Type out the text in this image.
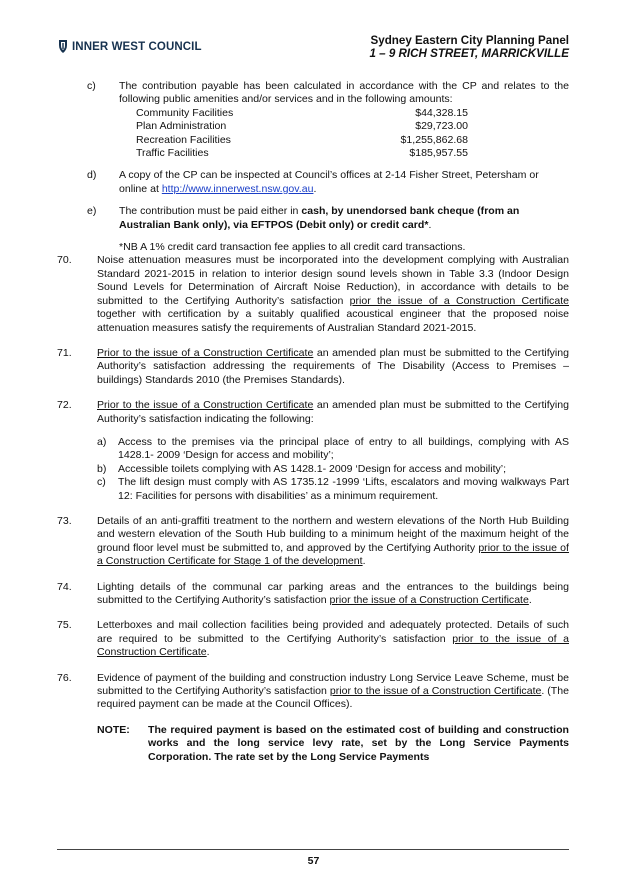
INNER WEST COUNCIL	Sydney Eastern City Planning Panel
1 – 9 RICH STREET, MARRICKVILLE
c) The contribution payable has been calculated in accordance with the CP and relates to the following public amenities and/or services and in the following amounts:

Community Facilities	$44,328.15
Plan Administration	$29,723.00
Recreation Facilities	$1,255,862.68
Traffic Facilities	$185,957.55
d) A copy of the CP can be inspected at Council’s offices at 2-14 Fisher Street, Petersham or online at http://www.innerwest.nsw.gov.au.

e) The contribution must be paid either in cash, by unendorsed bank cheque (from an Australian Bank only), via EFTPOS (Debit only) or credit card*.

*NB A 1% credit card transaction fee applies to all credit card transactions.

70. Noise attenuation measures must be incorporated into the development complying with Australian Standard 2021-2015 in relation to interior design sound levels shown in Table 3.3 (Indoor Design Sound Levels for Determination of Aircraft Noise Reduction), in accordance with details to be submitted to the Certifying Authority’s satisfaction prior the issue of a Construction Certificate together with certification by a suitably qualified acoustical engineer that the proposed noise attenuation measures satisfy the requirements of Australian Standard 2021-2015.

71. Prior to the issue of a Construction Certificate an amended plan must be submitted to the Certifying Authority’s satisfaction addressing the requirements of The Disability (Access to Premises – buildings) Standards 2010 (the Premises Standards).

72. Prior to the issue of a Construction Certificate an amended plan must be submitted to the Certifying Authority’s satisfaction indicating the following:

a) Access to the premises via the principal place of entry to all buildings, complying with AS 1428.1- 2009 ‘Design for access and mobility’;

b) Accessible toilets complying with AS 1428.1- 2009 ‘Design for access and mobility’;

c) The lift design must comply with AS 1735.12 -1999 ‘Lifts, escalators and moving walkways Part 12: Facilities for persons with disabilities’ as a minimum requirement.

73. Details of an anti-graffiti treatment to the northern and western elevations of the North Hub Building and western elevation of the South Hub building to a minimum height of the maximum height of the ground floor level must be submitted to, and approved by the Certifying Authority prior to the issue of a Construction Certificate for Stage 1 of the development.

74. Lighting details of the communal car parking areas and the entrances to the buildings being submitted to the Certifying Authority’s satisfaction prior the issue of a Construction Certificate.

75. Letterboxes and mail collection facilities being provided and adequately protected. Details of such are required to be submitted to the Certifying Authority’s satisfaction prior to the issue of a Construction Certificate.

76. Evidence of payment of the building and construction industry Long Service Leave Scheme, must be submitted to the Certifying Authority’s satisfaction prior to the issue of a Construction Certificate. (The required payment can be made at the Council Offices).

NOTE:	The required payment is based on the estimated cost of building and construction works and the long service levy rate, set by the Long Service Payments Corporation. The rate set by the Long Service Payments

57
